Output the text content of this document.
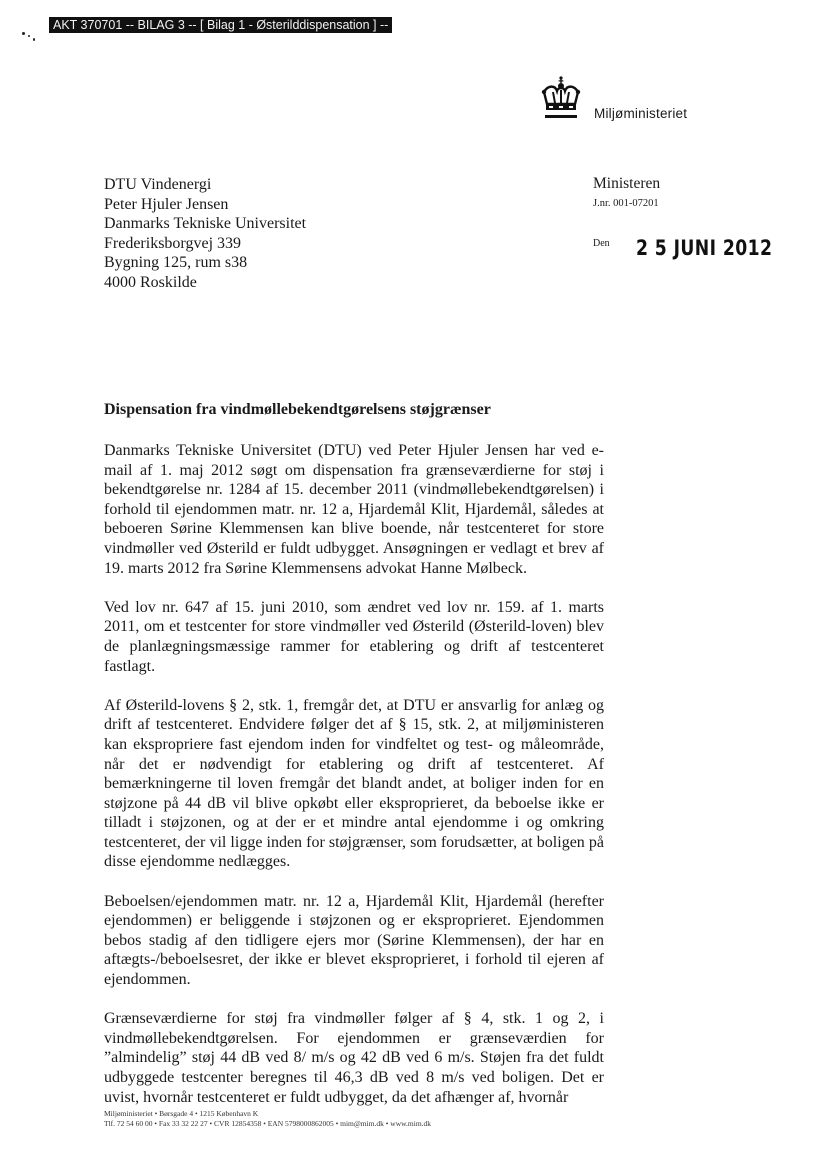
AKT 370701 -- BILAG 3 -- [ Bilag 1 - Østerilddispensation ] --
Miljøministeriet
DTU Vindenergi
Peter Hjuler Jensen
Danmarks Tekniske Universitet
Frederiksborgvej 339
Bygning 125, rum s38
4000 Roskilde
Ministeren
J.nr. 001-07201
Den 2 5 JUNI 2012
Dispensation fra vindmøllebekendtgørelsens støjgrænser

Danmarks Tekniske Universitet (DTU) ved Peter Hjuler Jensen har ved e-mail af 1. maj 2012 søgt om dispensation fra grænseværdierne for støj i bekendtgørelse nr. 1284 af 15. december 2011 (vindmøllebekendtgørelsen) i forhold til ejendommen matr. nr. 12 a, Hjardemål Klit, Hjardemål, således at beboeren Sørine Klemmensen kan blive boende, når testcenteret for store vindmøller ved Østerild er fuldt udbygget. Ansøgningen er vedlagt et brev af 19. marts 2012 fra Sørine Klemmensens advokat Hanne Mølbeck.

Ved lov nr. 647 af 15. juni 2010, som ændret ved lov nr. 159. af 1. marts 2011, om et testcenter for store vindmøller ved Østerild (Østerild-loven) blev de planlægningsmæssige rammer for etablering og drift af testcenteret fastlagt.

Af Østerild-lovens § 2, stk. 1, fremgår det, at DTU er ansvarlig for anlæg og drift af testcenteret. Endvidere følger det af § 15, stk. 2, at miljøministeren kan ekspropriere fast ejendom inden for vindfeltet og test- og måleområde, når det er nødvendigt for etablering og drift af testcenteret. Af bemærkningerne til loven fremgår det blandt andet, at boliger inden for en støjzone på 44 dB vil blive opkøbt eller eksproprieret, da beboelse ikke er tilladt i støjzonen, og at der er et mindre antal ejendomme i og omkring testcenteret, der vil ligge inden for støjgrænser, som forudsætter, at boligen på disse ejendomme nedlægges.

Beboelsen/ejendommen matr. nr. 12 a, Hjardemål Klit, Hjardemål (herefter ejendommen) er beliggende i støjzonen og er eksproprieret. Ejendommen bebos stadig af den tidligere ejers mor (Sørine Klemmensen), der har en aftægts-/beboelsesret, der ikke er blevet eksproprieret, i forhold til ejeren af ejendommen.

Grænseværdierne for støj fra vindmøller følger af § 4, stk. 1 og 2, i vindmøllebekendtgørelsen. For ejendommen er grænseværdien for ”almindelig” støj 44 dB ved 8/ m/s og 42 dB ved 6 m/s. Støjen fra det fuldt udbyggede testcenter beregnes til 46,3 dB ved 8 m/s ved boligen. Det er uvist, hvornår testcenteret er fuldt udbygget, da det afhænger af, hvornår

Miljøministeriet • Børsgade 4 • 1215 København K
Tlf. 72 54 60 00 • Fax 33 32 22 27 • CVR 12854358 • EAN 5798000862005 • mim@mim.dk • www.mim.dk
